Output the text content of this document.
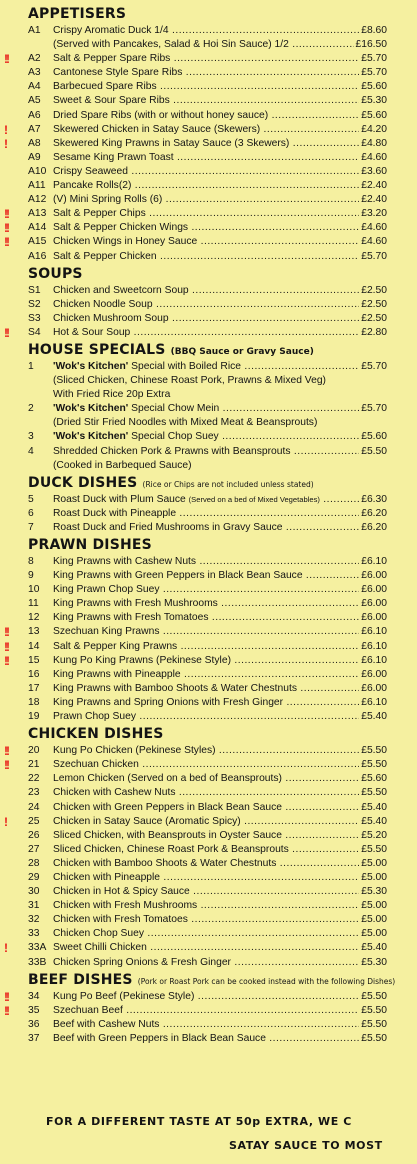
APPETISERS
A1 Crispy Aromatic Duck 1/4 .....	£8.60
(Served with Pancakes, Salad & Hoi Sin Sauce) 1/2 .....	£16.50
!!	A2 Salt & Pepper Spare Ribs .....	£5.70
A3 Cantonese Style Spare Ribs .....	£5.70
A4 Barbecued Spare Ribs .....	£5.60
A5 Sweet & Sour Spare Ribs .....	£5.30
A6 Dried Spare Ribs (with or without honey sauce) .....	£5.60
!	A7 Skewered Chicken in Satay Sauce (Skewers) .....	£4.20
!	A8 Skewered King Prawns in Satay Sauce (3 Skewers) .....	£4.80
A9 Sesame King Prawn Toast .....	£4.60
A10 Crispy Seaweed .....	£3.60
A11 Pancake Rolls(2) .....	£2.40
A12 (V) Mini Spring Rolls (6) .....	£2.40
!!	A13 Salt & Pepper Chips .....	£3.20
!!	A14 Salt & Pepper Chicken Wings .....	£4.60
!!	A15 Chicken Wings in Honey Sauce .....	£4.60
A16 Salt & Pepper Chicken .....	£5.70
SOUPS
S1 Chicken and Sweetcorn Soup .....	£2.50
S2 Chicken Noodle Soup .....	£2.50
S3 Chicken Mushroom Soup .....	£2.50
!!	S4 Hot & Sour Soup .....	£2.80
HOUSE SPECIALS (BBQ Sauce or Gravy Sauce)
1 'Wok's Kitchen' Special with Boiled Rice .....	£5.70
(Sliced Chicken, Chinese Roast Pork, Prawns & Mixed Veg)
With Fried Rice 20p Extra
2 'Wok's Kitchen' Special Chow Mein .....	£5.70
(Dried Stir Fried Noodles with Mixed Meat & Beansprouts)
3 'Wok's Kitchen' Special Chop Suey .....	£5.60
4 Shredded Chicken Pork & Prawns with Beansprouts .....	£5.50
(Cooked in Barbequed Sauce)
DUCK DISHES (Rice or Chips are not included unless stated)
5 Roast Duck with Plum Sauce (Served on a bed of Mixed Vegetables) .....	£6.30
6 Roast Duck with Pineapple .....	£6.20
7 Roast Duck and Fried Mushrooms in Gravy Sauce .....	£6.20
PRAWN DISHES
8 King Prawns with Cashew Nuts .....	£6.10
9 King Prawns with Green Peppers in Black Bean Sauce .....	£6.00
10 King Prawn Chop Suey .....	£6.00
11 King Prawns with Fresh Mushrooms .....	£6.00
12 King Prawns with Fresh Tomatoes .....	£6.00
!!	13 Szechuan King Prawns .....	£6.10
!!	14 Salt & Pepper King Prawns .....	£6.10
!!	15 Kung Po King Prawns (Pekinese Style) .....	£6.10
16 King Prawns with Pineapple .....	£6.00
17 King Prawns with Bamboo Shoots & Water Chestnuts .....	£6.00
18 King Prawns and Spring Onions with Fresh Ginger .....	£6.10
19 Prawn Chop Suey .....	£5.40
CHICKEN DISHES
!!	20 Kung Po Chicken (Pekinese Styles) .....	£5.50
!!	21 Szechuan Chicken .....	£5.50
22 Lemon Chicken (Served on a bed of Beansprouts) .....	£5.60
23 Chicken with Cashew Nuts .....	£5.50
24 Chicken with Green Peppers in Black Bean Sauce .....	£5.40
!	25 Chicken in Satay Sauce (Aromatic Spicy) .....	£5.40
26 Sliced Chicken, with Beansprouts in Oyster Sauce .....	£5.20
27 Sliced Chicken, Chinese Roast Pork & Beansprouts .....	£5.50
28 Chicken with Bamboo Shoots & Water Chestnuts .....	£5.00
29 Chicken with Pineapple .....	£5.00
30 Chicken in Hot & Spicy Sauce .....	£5.30
31 Chicken with Fresh Mushrooms .....	£5.00
32 Chicken with Fresh Tomatoes .....	£5.00
33 Chicken Chop Suey .....	£5.00
!	33A Sweet Chilli Chicken .....	£5.40
33B Chicken Spring Onions & Fresh Ginger .....	£5.30
BEEF DISHES (Pork or Roast Pork can be cooked instead with the following Dishes)
!!	34 Kung Po Beef (Pekinese Style) .....	£5.50
!!	35 Szechuan Beef .....	£5.50
36 Beef with Cashew Nuts .....	£5.50
37 Beef with Green Peppers in Black Bean Sauce .....	£5.50
FOR A DIFFERENT TASTE AT 50p EXTRA, WE C
SATAY SAUCE TO MOST
